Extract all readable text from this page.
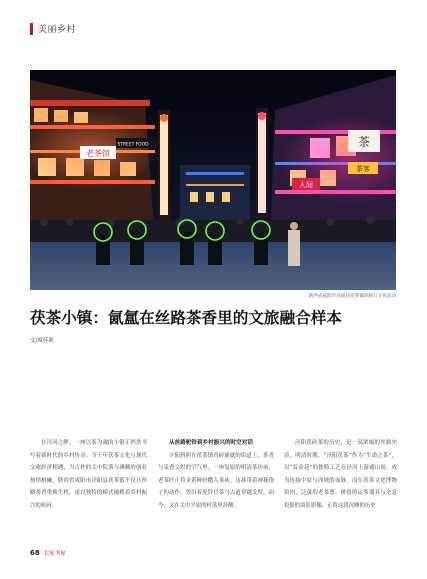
美丽乡村
老茶馆
STREET FOOD	茶
人间
茶客
陕西省咸阳市泾阳县茯茶镇的路灯文化活动
茯茶小镇：氤氲在丝路茶香里的文旅融合样本
文/席佳莉

在泾河之畔，一座以茶为魂的小镇正悄然书写着新时代的乡村传奇。当千年茯茶文化与现代文旅经济相遇，当古朴的关中院落与沸腾的创业热情相融，陕西省咸阳市泾阳县茯茶镇不仅让丝路茶香重焕生机，更以独特的模式破解着乡村振兴的密码。

从丝路驼铃到乡村振兴的时空对话

夕阳斜照在茯茶镇青砖铺就的街道上，茶香与麦香交织的空气里，一座复原的明清茶坊前，老茶匠正将金黄鲜轻撒入茶砖。这抹带着神秘孢子的动作，曾沿着驼铃甘茶马古道穿越戈壁，而今，又在关中平原的村落里苏醒。

泾阳茯砖茶的历史，是一部浓缩的丝路史诗。明清时期，“泾阳茯茶”作为“生命之茶”，以“发金花”的独特工艺在泾河上游通山间，成为连接中原与西域的血脉。而在茯茶文化博物馆内，泛黄的老茶票、斑驳的运茶器具与全息投影的商队影像，正将这段沉睡的历史

68 农家书屋
